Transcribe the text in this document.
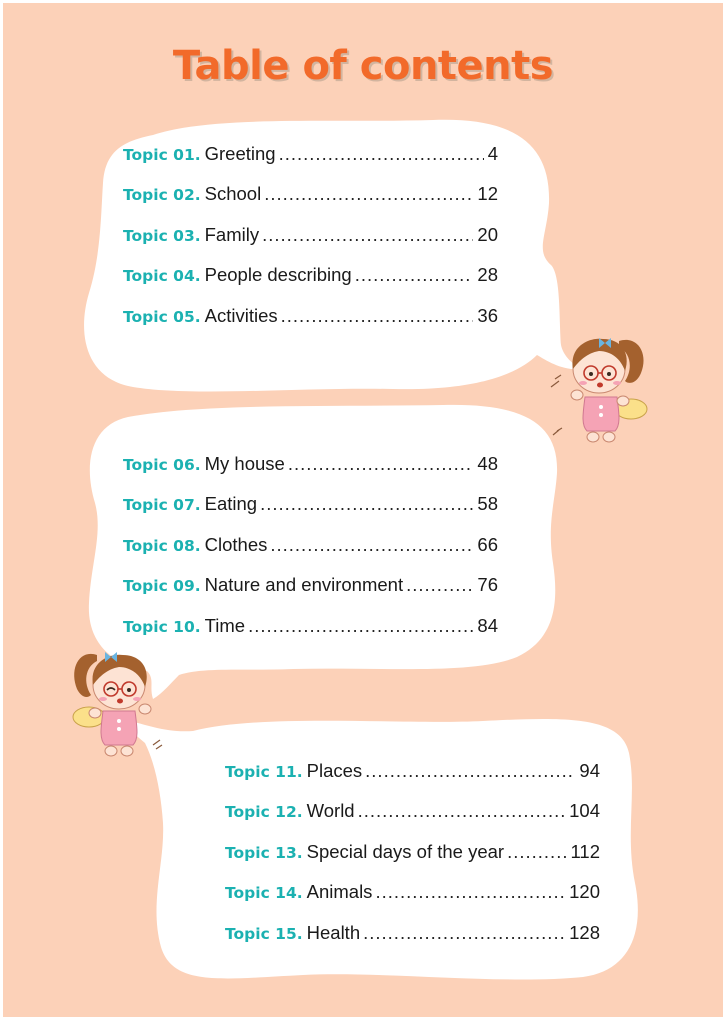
Table of contents
Topic 01. Greeting .....	4
Topic 02. School .....	12
Topic 03. Family .....	20
Topic 04. People describing .....	28
Topic 05. Activities .....	36
Topic 06. My house .....	48
Topic 07. Eating .....	58
Topic 08. Clothes .....	66
Topic 09. Nature and environment .....	76
Topic 10. Time .....	84
Topic 11. Places .....	94
Topic 12. World .....	104
Topic 13. Special days of the year .....	112
Topic 14. Animals .....	120
Topic 15. Health .....	128
